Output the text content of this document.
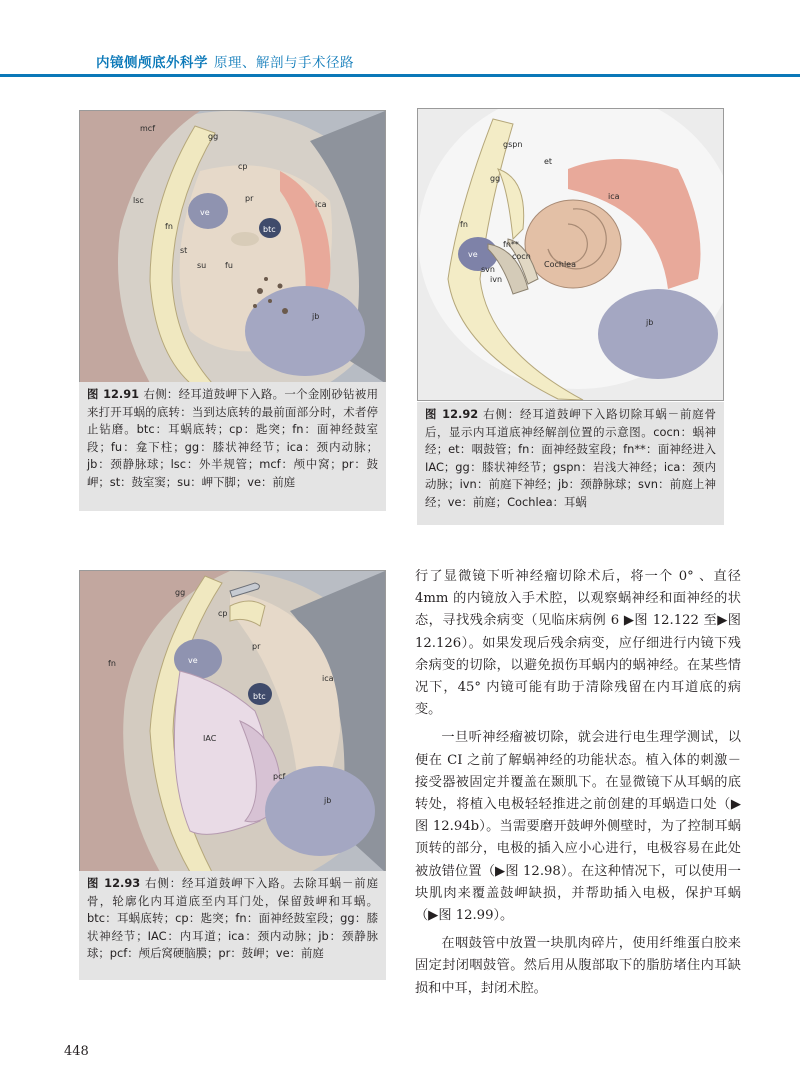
内镜侧颅底外科学 原理、解剖与手术径路
mcf
gg
cp
lsc	pr
ica
ve
fn	btc
st
su fu
jb
图 12.91 右侧：经耳道鼓岬下入路。一个金刚砂钻被用来打开耳蜗的底转：当到达底转的最前面部分时，术者停止钻磨。btc：耳蜗底转；cp：匙突；fn：面神经鼓室段；fu：龛下柱；gg：膝状神经节；ica：颈内动脉；jb：颈静脉球；lsc：外半规管；mcf：颅中窝；pr：鼓岬；st：鼓室窦；su：岬下脚；ve：前庭
gspn
et
gg
ica
fn
fn**
cocn
ve
svn
ivn
Cochlea
jb
图 12.92 右侧：经耳道鼓岬下入路切除耳蜗－前庭骨后，显示内耳道底神经解剖位置的示意图。cocn：蜗神经；et：咽鼓管；fn：面神经鼓室段；fn**：面神经进入IAC；gg：膝状神经节；gspn：岩浅大神经；ica：颈内动脉；ivn：前庭下神经；jb：颈静脉球；svn：前庭上神经；ve：前庭；Cochlea：耳蜗
gg
cp
pr
fn	ve
ica
btc
IAC
pcf
jb
图 12.93 右侧：经耳道鼓岬下入路。去除耳蜗－前庭骨，轮廓化内耳道底至内耳门处，保留鼓岬和耳蜗。btc：耳蜗底转；cp：匙突；fn：面神经鼓室段；gg：膝状神经节；IAC：内耳道；ica：颈内动脉；jb：颈静脉球；pcf：颅后窝硬脑膜；pr：鼓岬；ve：前庭

行了显微镜下听神经瘤切除术后，将一个 0° 、直径 4mm 的内镜放入手术腔，以观察蜗神经和面神经的状态，寻找残余病变（见临床病例 6 ▶图 12.122 至▶图 12.126）。如果发现后残余病变，应仔细进行内镜下残余病变的切除，以避免损伤耳蜗内的蜗神经。在某些情况下，45° 内镜可能有助于清除残留在内耳道底的病变。

一旦听神经瘤被切除，就会进行电生理学测试，以便在 CI 之前了解蜗神经的功能状态。植入体的刺激－接受器被固定并覆盖在颞肌下。在显微镜下从耳蜗的底转处，将植入电极轻轻推进之前创建的耳蜗造口处（▶图 12.94b）。当需要磨开鼓岬外侧壁时，为了控制耳蜗顶转的部分，电极的插入应小心进行，电极容易在此处被放错位置（▶图 12.98）。在这种情况下，可以使用一块肌肉来覆盖鼓岬缺损，并帮助插入电极，保护耳蜗（▶图 12.99）。

在咽鼓管中放置一块肌肉碎片，使用纤维蛋白胶来固定封闭咽鼓管。然后用从腹部取下的脂肪堵住内耳缺损和中耳，封闭术腔。

448
